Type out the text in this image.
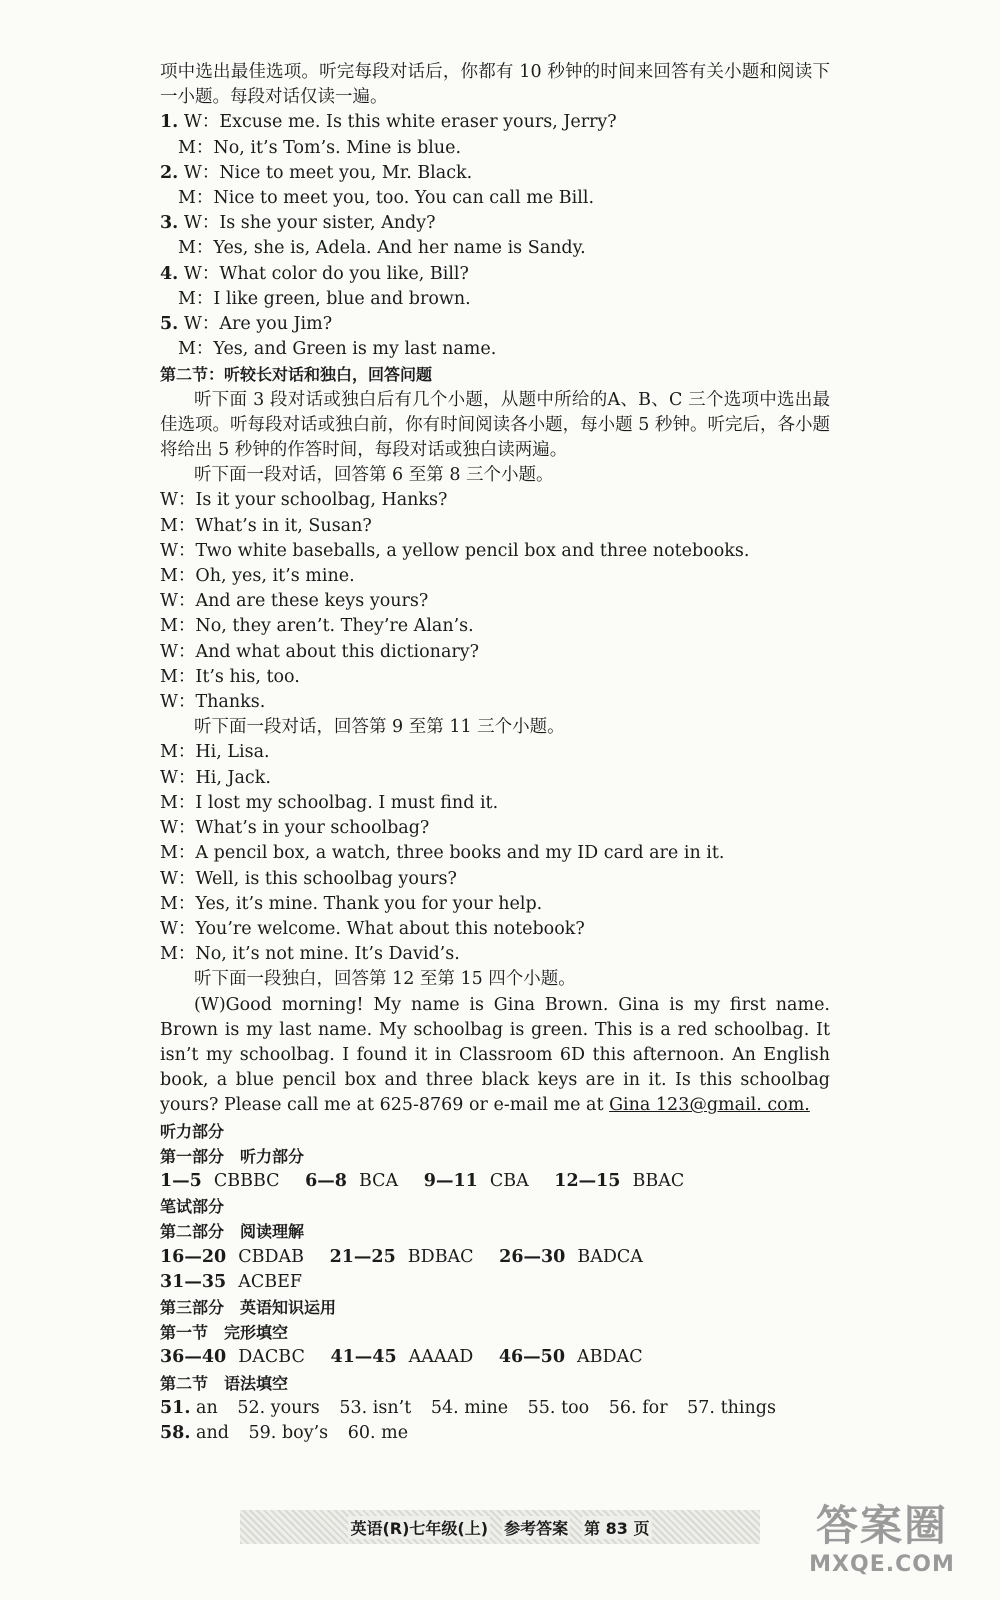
项中选出最佳选项。听完每段对话后，你都有 10 秒钟的时间来回答有关小题和阅读下一小题。每段对话仅读一遍。
1. W：Excuse me. Is this white eraser yours, Jerry?
M：No, it’s Tom’s. Mine is blue.
2. W：Nice to meet you, Mr. Black.
M：Nice to meet you, too. You can call me Bill.
3. W：Is she your sister, Andy?
M：Yes, she is, Adela. And her name is Sandy.
4. W：What color do you like, Bill?
M：I like green, blue and brown.
5. W：Are you Jim?
M：Yes, and Green is my last name.
第二节：听较长对话和独白，回答问题
听下面 3 段对话或独白后有几个小题，从题中所给的A、B、C 三个选项中选出最佳选项。听每段对话或独白前，你有时间阅读各小题，每小题 5 秒钟。听完后，各小题将给出 5 秒钟的作答时间，每段对话或独白读两遍。
听下面一段对话，回答第 6 至第 8 三个小题。
W：Is it your schoolbag, Hanks?
M：What’s in it, Susan?
W：Two white baseballs, a yellow pencil box and three notebooks.
M：Oh, yes, it’s mine.
W：And are these keys yours?
M：No, they aren’t. They’re Alan’s.
W：And what about this dictionary?
M：It’s his, too.
W：Thanks.
听下面一段对话，回答第 9 至第 11 三个小题。
M：Hi, Lisa.
W：Hi, Jack.
M：I lost my schoolbag. I must find it.
W：What’s in your schoolbag?
M：A pencil box, a watch, three books and my ID card are in it.
W：Well, is this schoolbag yours?
M：Yes, it’s mine. Thank you for your help.
W：You’re welcome. What about this notebook?
M：No, it’s not mine. It’s David’s.
听下面一段独白，回答第 12 至第 15 四个小题。
(W)Good morning! My name is Gina Brown. Gina is my first name. Brown is my last name. My schoolbag is green. This is a red schoolbag. It isn’t my schoolbag. I found it in Classroom 6D this afternoon. An English book, a blue pencil box and three black keys are in it. Is this schoolbag yours? Please call me at 625-8769 or e-mail me at Gina 123@gmail. com.
听力部分
第一部分　听力部分
1—5 CBBBC 6—8 BCA 9—11 CBA 12—15 BBAC
笔试部分
第二部分　阅读理解
16—20 CBDAB 21—25 BDBAC 26—30 BADCA
31—35 ACBEF
第三部分　英语知识运用
第一节　完形填空
36—40 DACBC 41—45 AAAAD 46—50 ABDAC
第二节　语法填空
51. an 52. yours 53. isn’t 54. mine 55. too 56. for 57. things
58. and 59. boy’s 60. me
英语(R)七年级(上) 参考答案 第 83 页	答案圈
MXQE.COM
